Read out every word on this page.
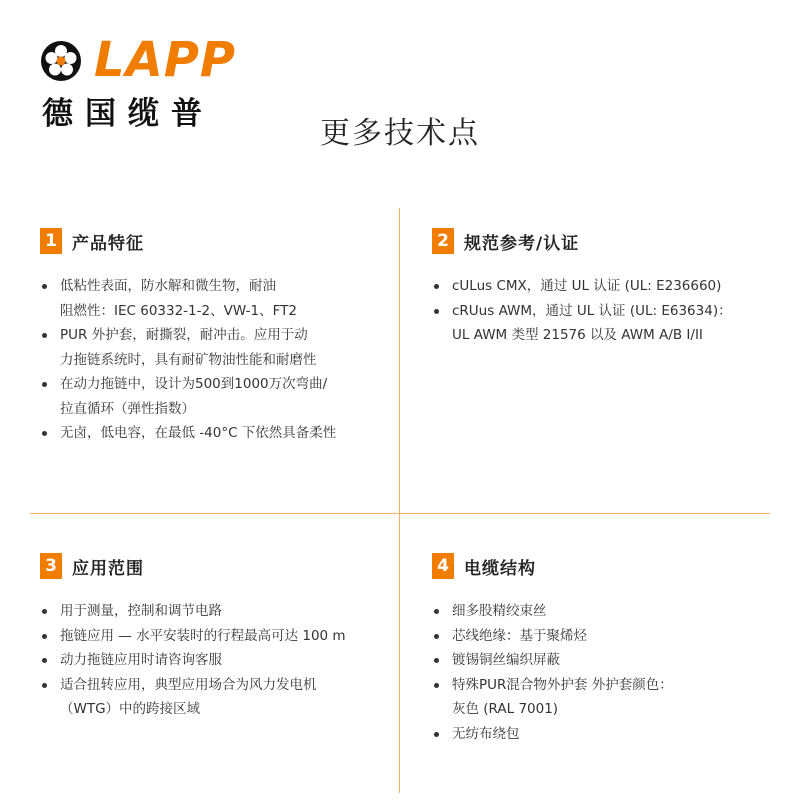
LAPP
德国缆普
更多技术点
1 产品特征
低粘性表面，防水解和微生物，耐油
阻燃性：IEC 60332-1-2、VW-1、FT2
PUR 外护套，耐撕裂，耐冲击。应用于动
力拖链系统时，具有耐矿物油性能和耐磨性
在动力拖链中，设计为500到1000万次弯曲/
拉直循环（弹性指数）
无卤，低电容，在最低 -40°C 下依然具备柔性
2 规范参考/认证
cULus CMX，通过 UL 认证 (UL: E236660)
cRUus AWM，通过 UL 认证 (UL: E63634)：
UL AWM 类型 21576 以及 AWM A/B I/II
3 应用范围
用于测量，控制和调节电路
拖链应用 — 水平安装时的行程最高可达 100 m
动力拖链应用时请咨询客服
适合扭转应用，典型应用场合为风力发电机
（WTG）中的跨接区域
4 电缆结构
细多股精绞束丝
芯线绝缘：基于聚烯烃
镀锡铜丝编织屏蔽
特殊PUR混合物外护套 外护套颜色：
灰色 (RAL 7001)
无纺布绕包
